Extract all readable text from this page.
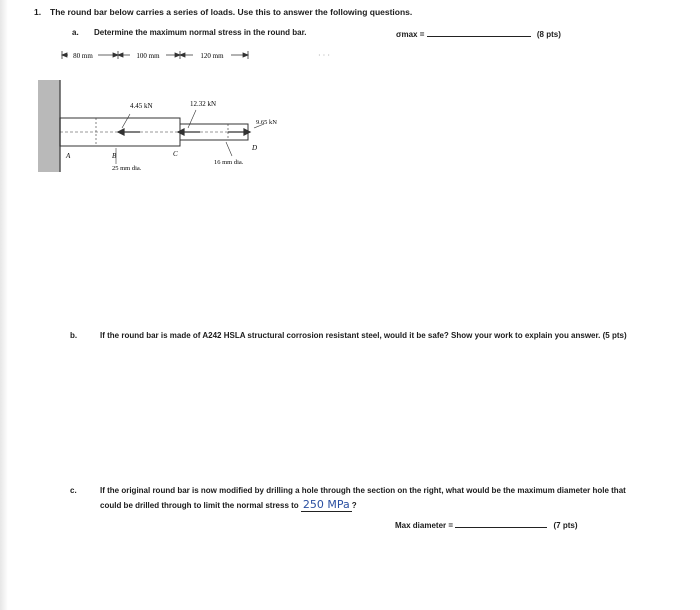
1. The round bar below carries a series of loads. Use this to answer the following questions.
a. Determine the maximum normal stress in the round bar.	σmax =	(8 pts)
80 mm	100 mm	120 mm	· · ·
4.45 kN	12.32 kN
9.65 kN
A	B	C
D
25 mm dia.
16 mm dia.
b.	If the round bar is made of A242 HSLA structural corrosion resistant steel, would it be safe? Show your work to explain you answer. (5 pts)
c.	If the original round bar is now modified by drilling a hole through the section on the right, what would be the maximum diameter hole that could be drilled through to limit the normal stress to 250 MPa ?
Max diameter =	(7 pts)
